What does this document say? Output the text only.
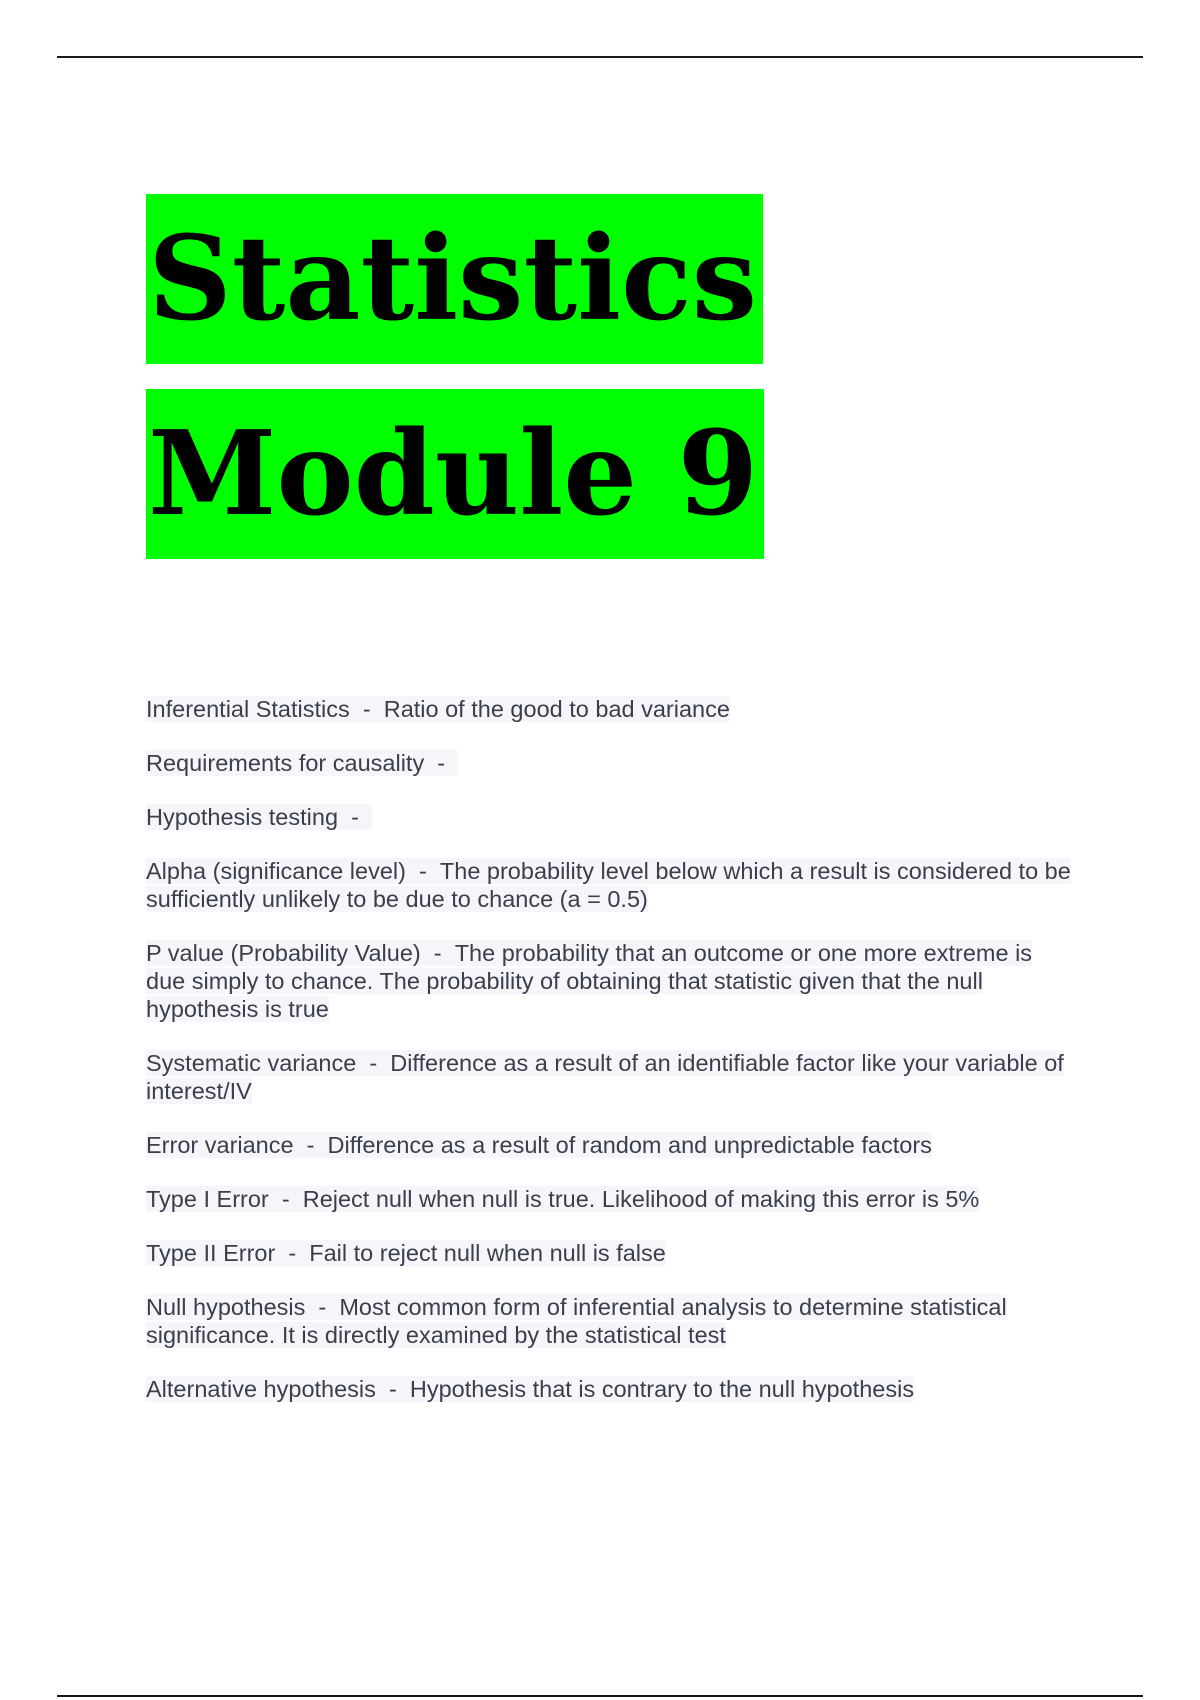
Statistics
Module 9

Inferential Statistics  -  Ratio of the good to bad variance

Requirements for causality  -

Hypothesis testing  -

Alpha (significance level)  -  The probability level below which a result is considered to be sufficiently unlikely to be due to chance (a = 0.5)

P value (Probability Value)  -  The probability that an outcome or one more extreme is due simply to chance. The probability of obtaining that statistic given that the null hypothesis is true

Systematic variance  -  Difference as a result of an identifiable factor like your variable of interest/IV

Error variance  -  Difference as a result of random and unpredictable factors

Type I Error  -  Reject null when null is true. Likelihood of making this error is 5%

Type II Error  -  Fail to reject null when null is false

Null hypothesis  -  Most common form of inferential analysis to determine statistical significance. It is directly examined by the statistical test

Alternative hypothesis  -  Hypothesis that is contrary to the null hypothesis
